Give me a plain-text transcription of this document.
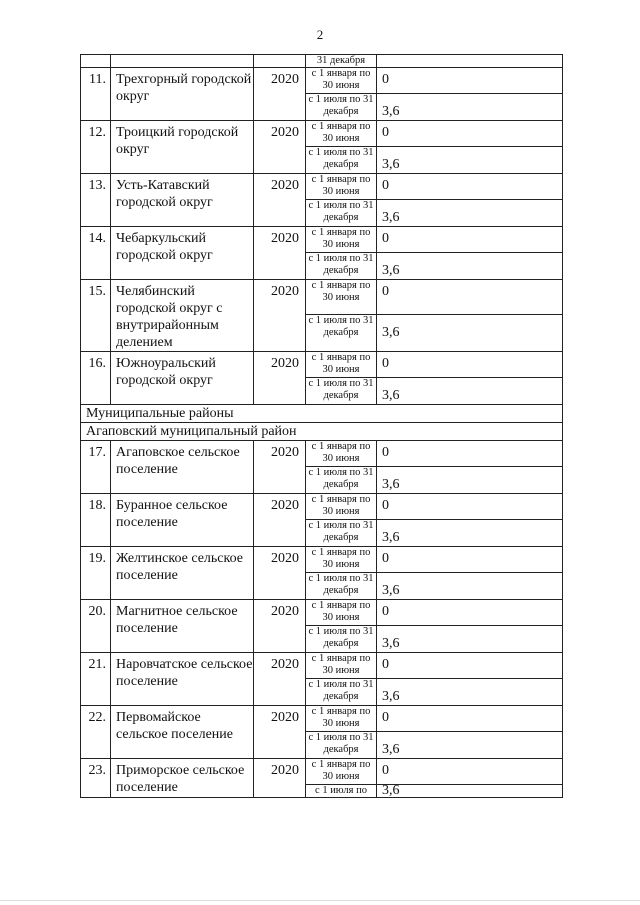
2
			31 декабря	
11.	Трехгорный городской округ	2020	с 1 января по 30 июня	0
			с 1 июля по 31 декабря	3,6
12.	Троицкий городской округ	2020	с 1 января по 30 июня	0
			с 1 июля по 31 декабря	3,6
13.	Усть-Катавский городской округ	2020	с 1 января по 30 июня	0
			с 1 июля по 31 декабря	3,6
14.	Чебаркульский городской округ	2020	с 1 января по 30 июня	0
			с 1 июля по 31 декабря	3,6
15.	Челябинский городской округ с внутрирайонным делением	2020	с 1 января по 30 июня	0
			с 1 июля по 31 декабря	3,6
16.	Южноуральский городской округ	2020	с 1 января по 30 июня	0
			с 1 июля по 31 декабря	3,6
Муниципальные районы				
Агаповский муниципальный район				
17.	Агаповское сельское поселение	2020	с 1 января по 30 июня	0
			с 1 июля по 31 декабря	3,6
18.	Буранное сельское поселение	2020	с 1 января по 30 июня	0
			с 1 июля по 31 декабря	3,6
19.	Желтинское сельское поселение	2020	с 1 января по 30 июня	0
			с 1 июля по 31 декабря	3,6
20.	Магнитное сельское поселение	2020	с 1 января по 30 июня	0
			с 1 июля по 31 декабря	3,6
21.	Наровчатское сельское поселение	2020	с 1 января по 30 июня	0
			с 1 июля по 31 декабря	3,6
22.	Первомайское сельское поселение	2020	с 1 января по 30 июня	0
			с 1 июля по 31 декабря	3,6
23.	Приморское сельское поселение	2020	с 1 января по 30 июня	0
			с 1 июля по	3,6
